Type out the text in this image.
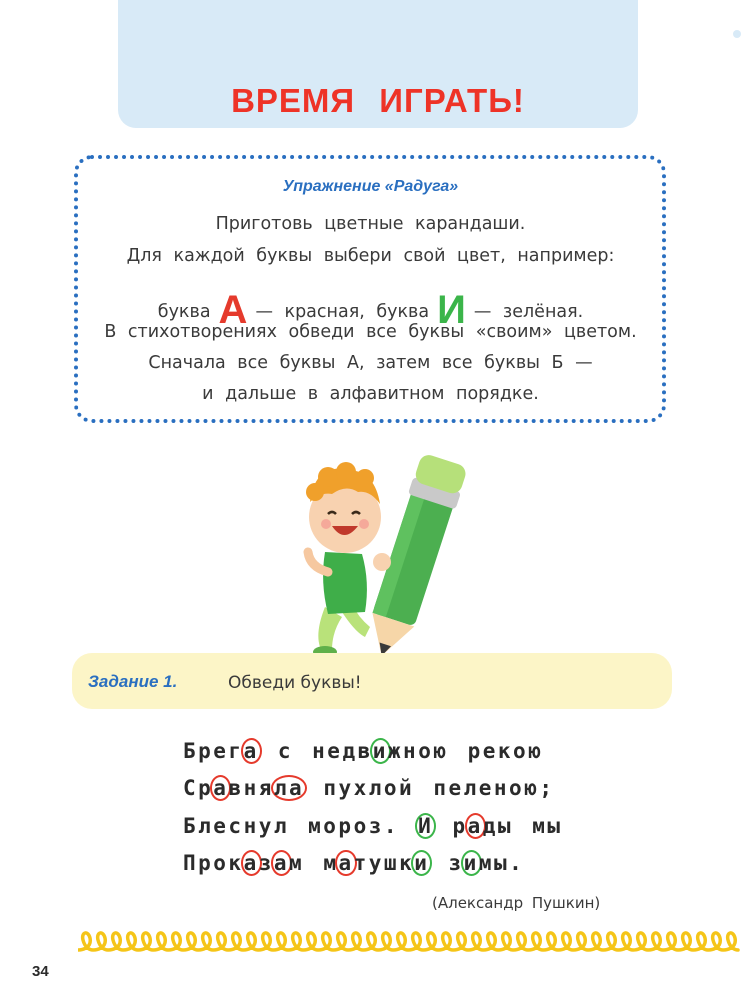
ВРЕМЯ ИГРАТЬ!
Упражнение «Радуга»
Приготовь цветные карандаши.
Для каждой буквы выбери свой цвет, например:
буква А — красная, буква И — зелёная.
В стихотворениях обведи все буквы «своим» цветом.
Сначала все буквы А, затем все буквы Б —
и дальше в алфавитном порядке.
Задание 1.	Обведи буквы!
Брега с недвижною рекою
Сравняла пухлой пеленою;
Блеснул мороз. И рады мы
Проказам матушки зимы.
(Александр Пушкин)
34
